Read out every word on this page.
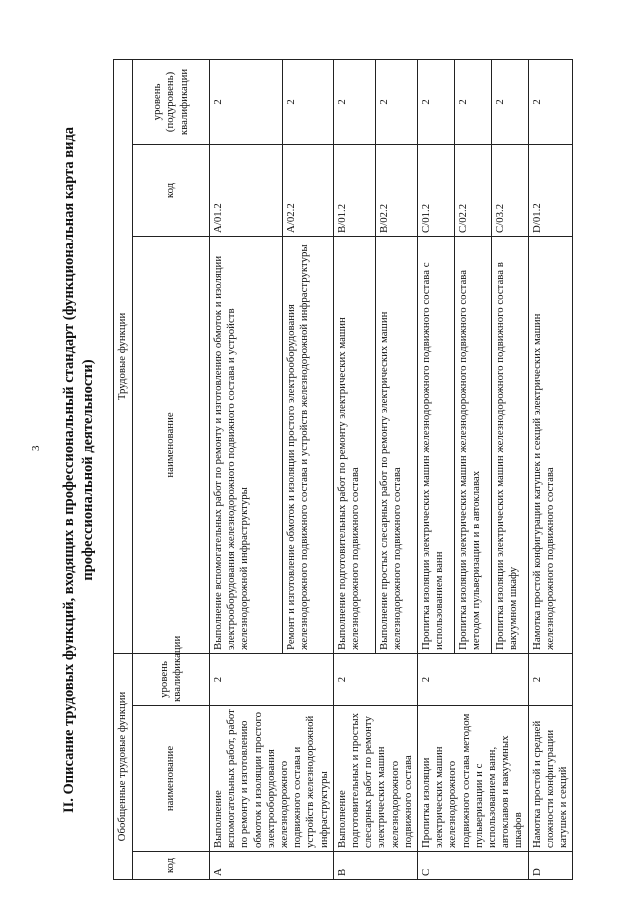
3 II. Описание трудовых функций, входящих в профессиональный стандарт (функциональная карта вида профессиональной деятельности)
Обобщенные трудовые функции			Трудовые функции		
код	наименование	уровень квалификации	наименование	код	уровень (подуровень) квалификации
A	Выполнение вспомогательных работ, работ по ремонту и изготовлению обмоток и изоляции простого электрооборудования железнодорожного подвижного состава и устройств железнодорожной инфраструктуры	2	Выполнение вспомогательных работ по ремонту и изготовлению обмоток и изоляции электрооборудования железнодорожного подвижного состава и устройств железнодорожной инфраструктуры	A/01.2	2
			Ремонт и изготовление обмоток и изоляции простого электрооборудования железнодорожного подвижного состава и устройств железнодорожной инфраструктуры	A/02.2	2
B	Выполнение подготовительных и простых слесарных работ по ремонту электрических машин железнодорожного подвижного состава	2	Выполнение подготовительных работ по ремонту электрических машин железнодорожного подвижного состава	B/01.2	2
			Выполнение простых слесарных работ по ремонту электрических машин железнодорожного подвижного состава	B/02.2	2
C	Пропитка изоляции электрических машин железнодорожного подвижного состава методом пульверизации и с использованием ванн, автоклавов и вакуумных шкафов	2	Пропитка изоляции электрических машин железнодорожного подвижного состава с использованием ванн	C/01.2	2
			Пропитка изоляции электрических машин железнодорожного подвижного состава методом пульверизации и в автоклавах	C/02.2	2
			Пропитка изоляции электрических машин железнодорожного подвижного состава в вакуумном шкафу	C/03.2	2
D	Намотка простой и средней сложности конфигурации катушек и секций	2	Намотка простой конфигурации катушек и секций электрических машин железнодорожного подвижного состава	D/01.2	2
